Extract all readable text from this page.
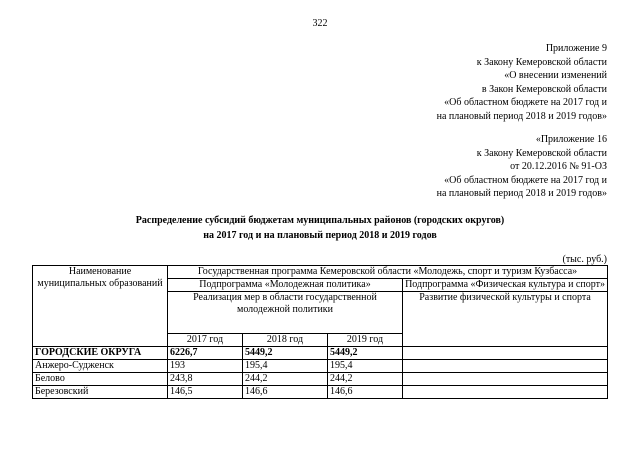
322
Приложение 9
к Закону Кемеровской области
«О внесении изменений
в Закон Кемеровской области
«Об областном бюджете на 2017 год и
на плановый период 2018 и 2019 годов»
«Приложение 16
к Закону Кемеровской области
от 20.12.2016 № 91-ОЗ
«Об областном бюджете на 2017 год и
на плановый период 2018 и 2019 годов»
Распределение субсидий бюджетам муниципальных районов (городских округов)
на 2017 год и на плановый период 2018 и 2019 годов
(тыс. руб.)
Наименование муниципальных образований	Государственная программа Кемеровской области «Молодежь, спорт и туризм Кузбасса»			
	Подпрограмма «Молодежная политика»			Подпрограмма «Физическая культура и спорт»
	Реализация мер в области государственной молодежной политики			Развитие физической культуры и спорта
	2017 год	2018 год	2019 год	
ГОРОДСКИЕ ОКРУГА	6226,7	5449,2	5449,2	
Анжеро-Судженск	193	195,4	195,4	
Белово	243,8	244,2	244,2	
Березовский	146,5	146,6	146,6	
